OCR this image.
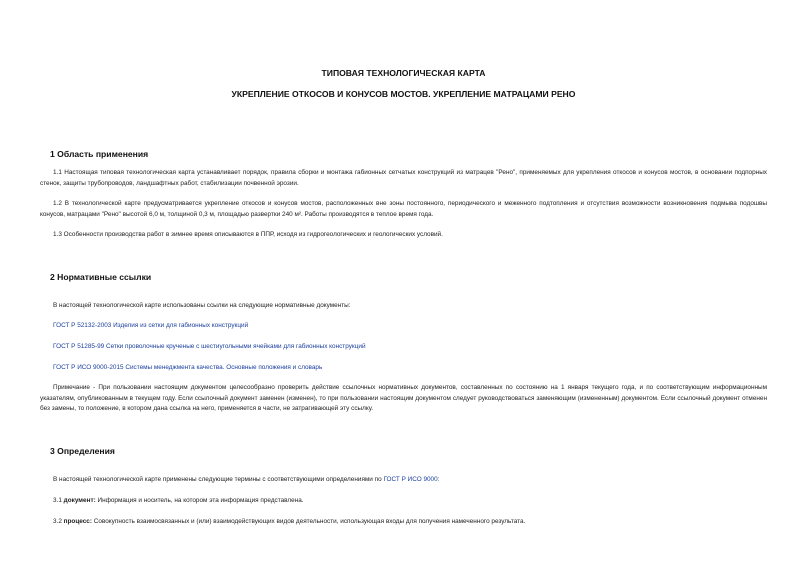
ТИПОВАЯ ТЕХНОЛОГИЧЕСКАЯ КАРТА
УКРЕПЛЕНИЕ ОТКОСОВ И КОНУСОВ МОСТОВ. УКРЕПЛЕНИЕ МАТРАЦАМИ РЕНО
1 Область применения
1.1 Настоящая типовая технологическая карта устанавливает порядок, правила сборки и монтажа габионных сетчатых конструкций из матрацев "Рено", применяемых для укрепления откосов и конусов мостов, в основании подпорных стенок, защиты трубопроводов, ландшафтных работ, стабилизации почвенной эрозии.
1.2 В технологической карте предусматривается укрепление откосов и конусов мостов, расположенных вне зоны постоянного, периодического и меженного подтопления и отсутствия возможности возникновения подмыва подошвы конусов, матрацами "Рено" высотой 6,0 м, толщиной 0,3 м, площадью развертки 240 м². Работы производятся в теплое время года.
1.3 Особенности производства работ в зимнее время описываются в ППР, исходя из гидрогеологических и геологических условий.
2 Нормативные ссылки
В настоящей технологической карте использованы ссылки на следующие нормативные документы:
ГОСТ Р 52132-2003 Изделия из сетки для габионных конструкций
ГОСТ Р 51285-99 Сетки проволочные крученые с шестиугольными ячейками для габионных конструкций
ГОСТ Р ИСО 9000-2015 Системы менеджмента качества. Основные положения и словарь
Примечание - При пользовании настоящим документом целесообразно проверить действие ссылочных нормативных документов, составленных по состоянию на 1 января текущего года, и по соответствующим информационным указателям, опубликованным в текущем году. Если ссылочный документ заменен (изменен), то при пользовании настоящим документом следует руководствоваться заменяющим (измененным) документом. Если ссылочный документ отменен без замены, то положение, в котором дана ссылка на него, применяется в части, не затрагивающей эту ссылку.
3 Определения
В настоящей технологической карте применены следующие термины с соответствующими определениями по ГОСТ Р ИСО 9000:
3.1 документ: Информация и носитель, на котором эта информация представлена.
3.2 процесс: Совокупность взаимосвязанных и (или) взаимодействующих видов деятельности, использующая входы для получения намеченного результата.
